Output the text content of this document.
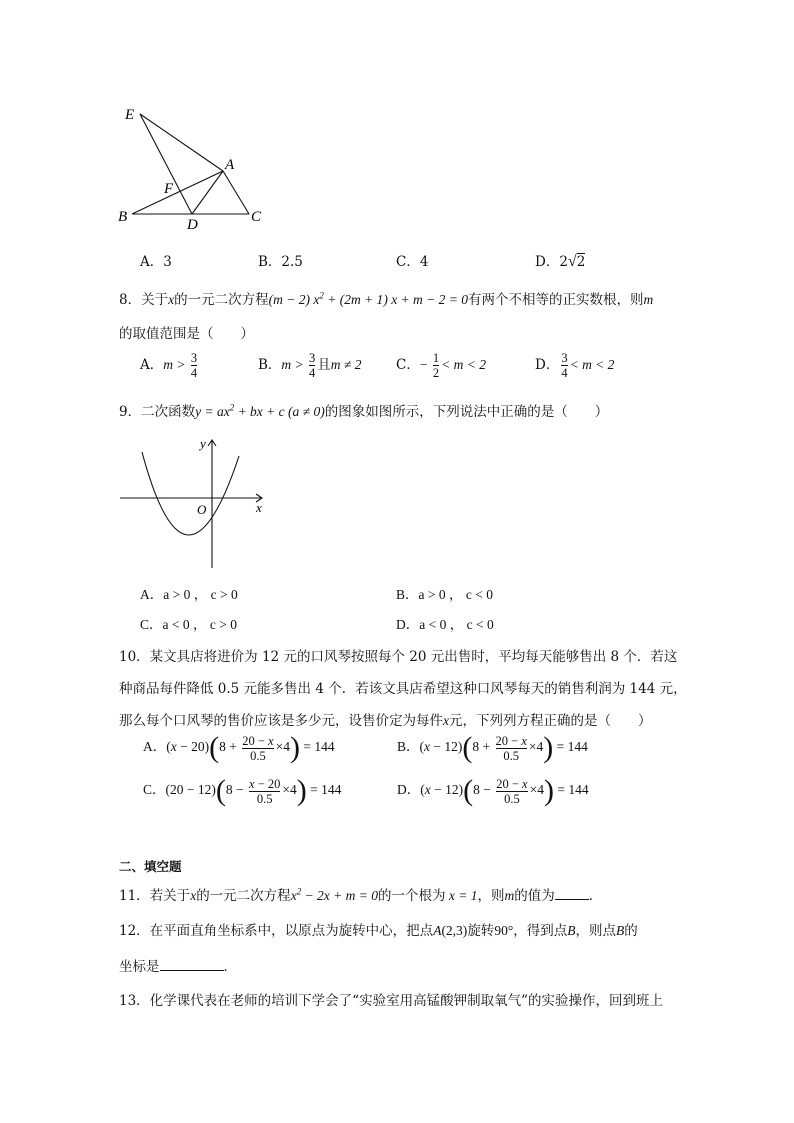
E
A
F
B	D	C
A．3	B．2.5	C．4	D．2√2
8．关于x的一元二次方程(m − 2) $x^2 + (2m + 1) x + m - 2 = 0$有两个不相等的正实数根，则m
的取值范围是（　　）
A．$m > \frac{3}{4}$	B．$m > \frac{3}{4}$ 且m ≠ 2	C．− $\frac{1}{2} < m < 2$	D． $\frac{3}{4} < m < 2$
9．二次函数$y = ax^2$ + bx + c (a ≠ 0)的图象如图所示，下列说法中正确的是（　　）
y
x
O
A．a > 0 ， c > 0	B．a > 0 ， c < 0
C．a < 0 ， c > 0	D．a < 0 ， c < 0
10．某文具店将进价为 12 元的口风琴按照每个 20 元出售时，平均每天能够售出 8 个．若这
种商品每件降低 0.5 元能多售出 4 个．若该文具店希望这种口风琴每天的销售利润为 144 元，
那么每个口风琴的售价应该是多少元，设售价定为每件x元，下列列方程正确的是（　　）
A．$(x - 20)(8 + \frac{20 - x}{0.5} \times 4) = 144$	B．$(x - 12)(8 + \frac{20 - x}{0.5} \times 4) = 144$
C．$(20 - 12)(8 - \frac{x - 20}{0.5} \times 4) = 144$	D．$(x - 12)(8 - \frac{20 - x}{0.5} \times 4) = 144$
二、填空题
11．若关于x的一元二次方程$x^2 - 2x + m = 0$的一个根为 x = 1，则m的值为	．
12．在平面直角坐标系中，以原点为旋转中心，把点A(2,3)旋转90°，得到点B，则点B的
坐标是	．
13．化学课代表在老师的培训下学会了“实验室用高锰酸钾制取氧气”的实验操作，回到班上
